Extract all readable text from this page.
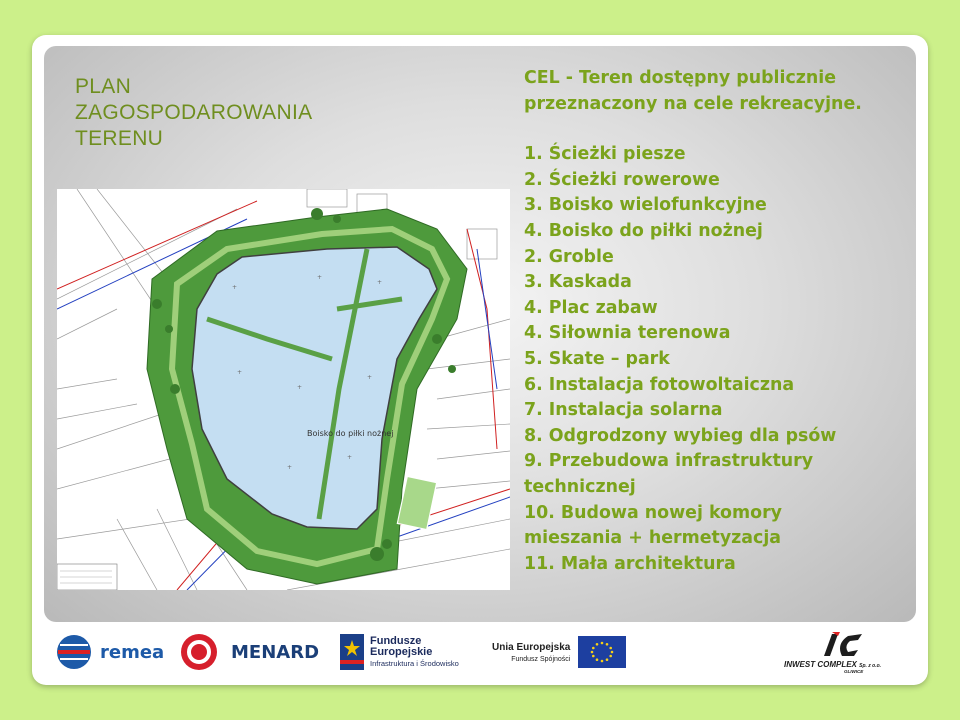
PLAN
ZAGOSPODAROWANIA
TERENU
+
+
+
+
+
+
+
+
Boisko do piłki nożnej
CEL - Teren dostępny publicznie przeznaczony na cele rekreacyjne.
1. Ścieżki piesze
2. Ścieżki rowerowe
3. Boisko wielofunkcyjne
4. Boisko do piłki nożnej
2. Groble
3. Kaskada
4. Plac zabaw
4. Siłownia terenowa
5. Skate – park
6. Instalacja fotowoltaiczna
7. Instalacja solarna
8. Odgrodzony wybieg dla psów
9. Przebudowa infrastruktury
technicznej
10. Budowa nowej komory
mieszania + hermetyzacja
11. Mała architektura
remea	MENARD
Fundusze
Europejskie
Infrastruktura i Środowisko
Unia Europejska
Fundusz Spójności
INWEST COMPLEX Sp. z o.o.
GLIWICE
